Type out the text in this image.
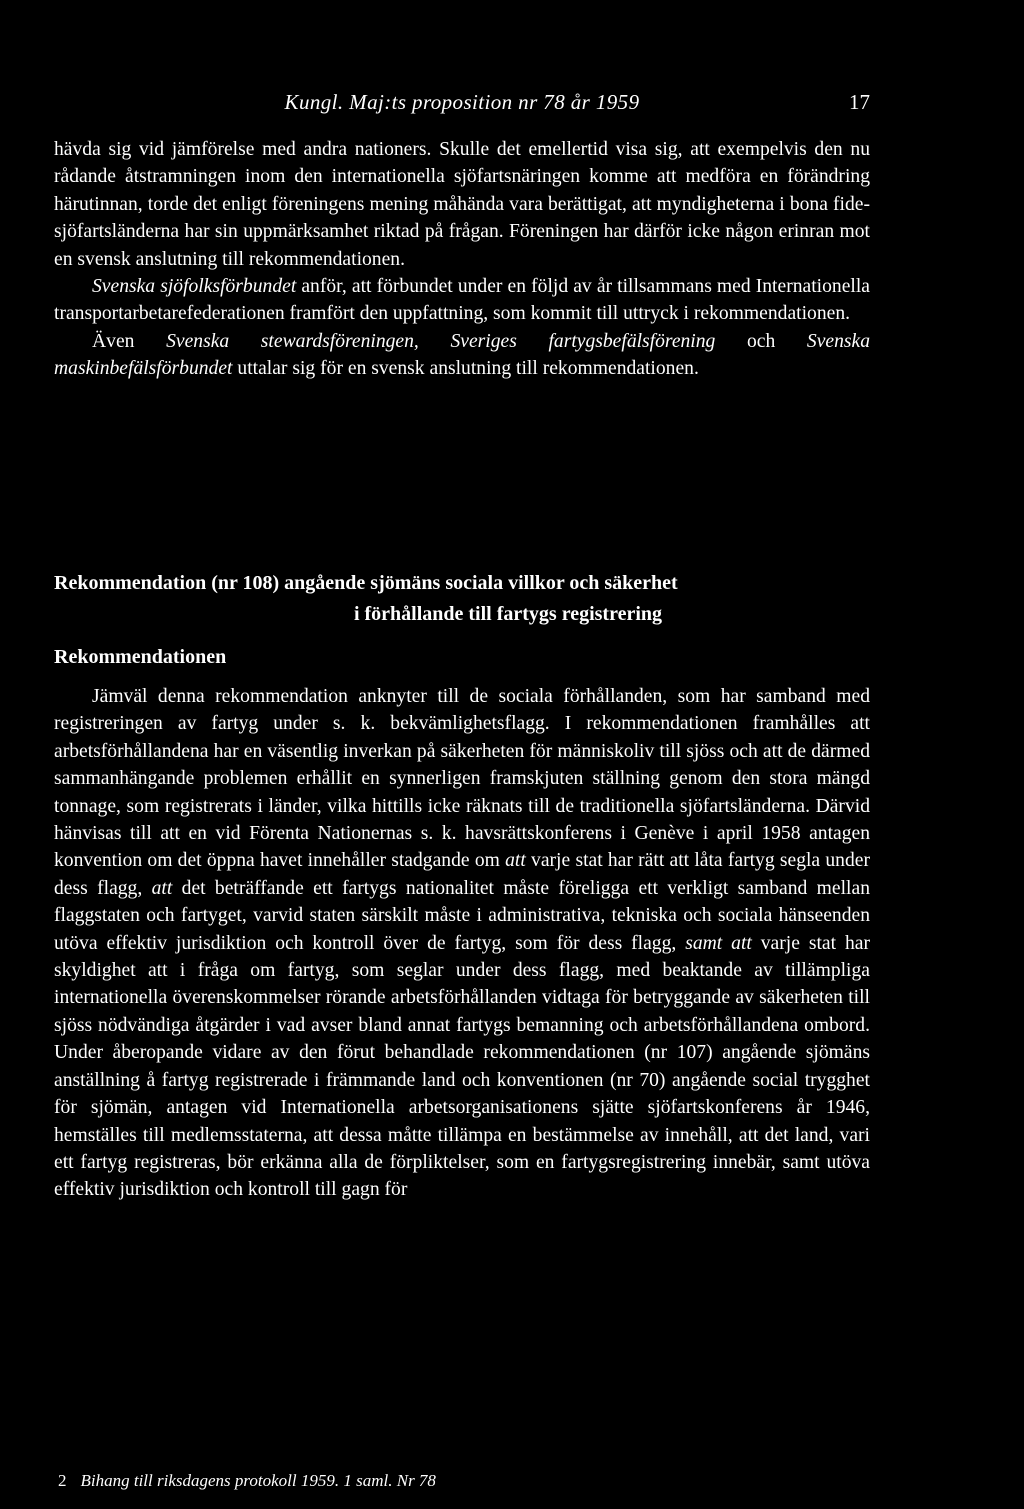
Kungl. Maj:ts proposition nr 78 år 1959	17

hävda sig vid jämförelse med andra nationers. Skulle det emellertid visa sig, att exempelvis den nu rådande åtstramningen inom den internationella sjöfartsnäringen komme att medföra en förändring härutinnan, torde det enligt föreningens mening måhända vara berättigat, att myndigheterna i bona fide-sjöfartsländerna har sin uppmärksamhet riktad på frågan. Föreningen har därför icke någon erinran mot en svensk anslutning till rekommendationen.

Svenska sjöfolksförbundet anför, att förbundet under en följd av år tillsammans med Internationella transportarbetarefederationen framfört den uppfattning, som kommit till uttryck i rekommendationen.

Även Svenska stewardsföreningen, Sveriges fartygsbefälsförening och Svenska maskinbefälsförbundet uttalar sig för en svensk anslutning till rekommendationen.

Rekommendation (nr 108) angående sjömäns sociala villkor och säkerhet
i förhållande till fartygs registrering
Rekommendationen

Jämväl denna rekommendation anknyter till de sociala förhållanden, som har samband med registreringen av fartyg under s. k. bekvämlighetsflagg. I rekommendationen framhålles att arbetsförhållandena har en väsentlig inverkan på säkerheten för människoliv till sjöss och att de därmed sammanhängande problemen erhållit en synnerligen framskjuten ställning genom den stora mängd tonnage, som registrerats i länder, vilka hittills icke räknats till de traditionella sjöfartsländerna. Därvid hänvisas till att en vid Förenta Nationernas s. k. havsrättskonferens i Genève i april 1958 antagen konvention om det öppna havet innehåller stadgande om att varje stat har rätt att låta fartyg segla under dess flagg, att det beträffande ett fartygs nationalitet måste föreligga ett verkligt samband mellan flaggstaten och fartyget, varvid staten särskilt måste i administrativa, tekniska och sociala hänseenden utöva effektiv jurisdiktion och kontroll över de fartyg, som för dess flagg, samt att varje stat har skyldighet att i fråga om fartyg, som seglar under dess flagg, med beaktande av tillämpliga internationella överenskommelser rörande arbetsförhållanden vidtaga för betryggande av säkerheten till sjöss nödvändiga åtgärder i vad avser bland annat fartygs bemanning och arbetsförhållandena ombord. Under åberopande vidare av den förut behandlade rekommendationen (nr 107) angående sjömäns anställning å fartyg registrerade i främmande land och konventionen (nr 70) angående social trygghet för sjömän, antagen vid Internationella arbetsorganisationens sjätte sjöfartskonferens år 1946, hemställes till medlemsstaterna, att dessa måtte tillämpa en bestämmelse av innehåll, att det land, vari ett fartyg registreras, bör erkänna alla de förpliktelser, som en fartygsregistrering innebär, samt utöva effektiv jurisdiktion och kontroll till gagn för

2 Bihang till riksdagens protokoll 1959. 1 saml. Nr 78
